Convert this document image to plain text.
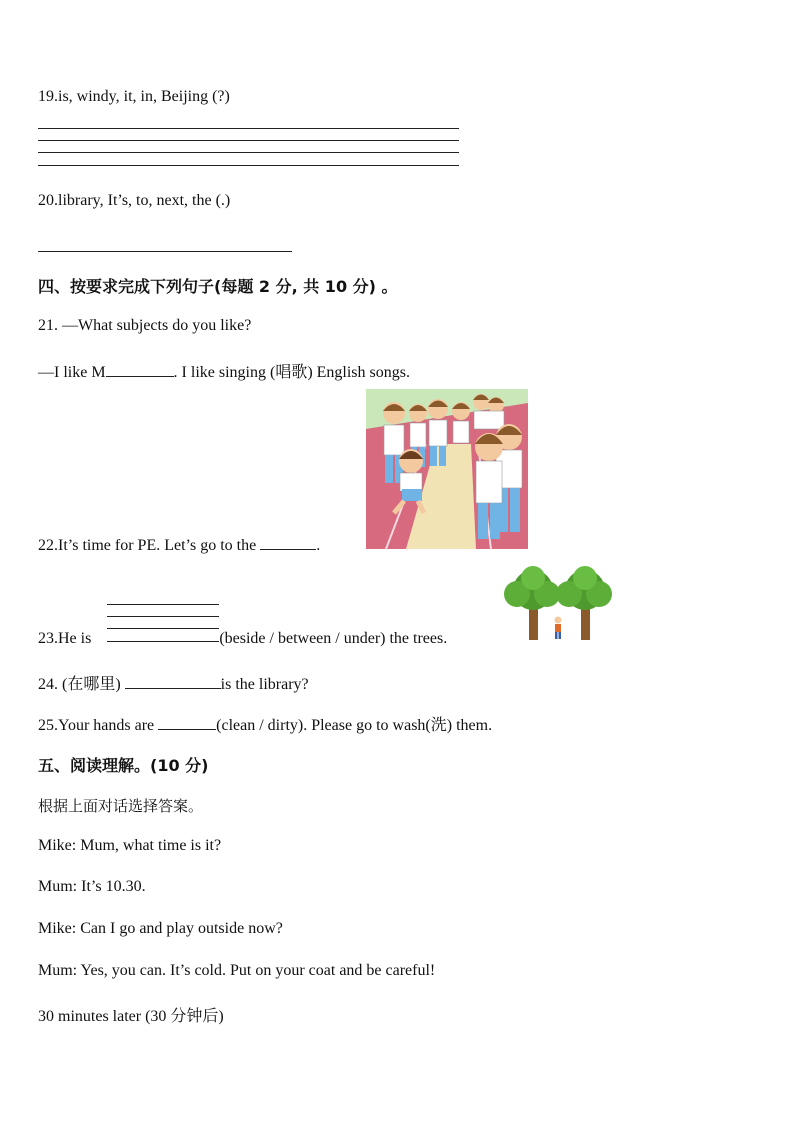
19.is, windy, it, in, Beijing (?)
20.library, It’s, to, next, the (.)
四、按要求完成下列句子(每题 2 分, 共 10 分) 。
21. —What subjects do you like?
—I like M	. I like singing (唱歌) English songs.
22.It’s time for PE. Let’s go to the	.
23.He is	(beside / between / under) the trees.
24. (在哪里)	is the library?
25.Your hands are	(clean / dirty). Please go to wash(洗) them.
五、阅读理解。(10 分)
根据上面对话选择答案。
Mike: Mum, what time is it?
Mum: It’s 10.30.
Mike: Can I go and play outside now?
Mum: Yes, you can. It’s cold. Put on your coat and be careful!
30 minutes later (30 分钟后)
